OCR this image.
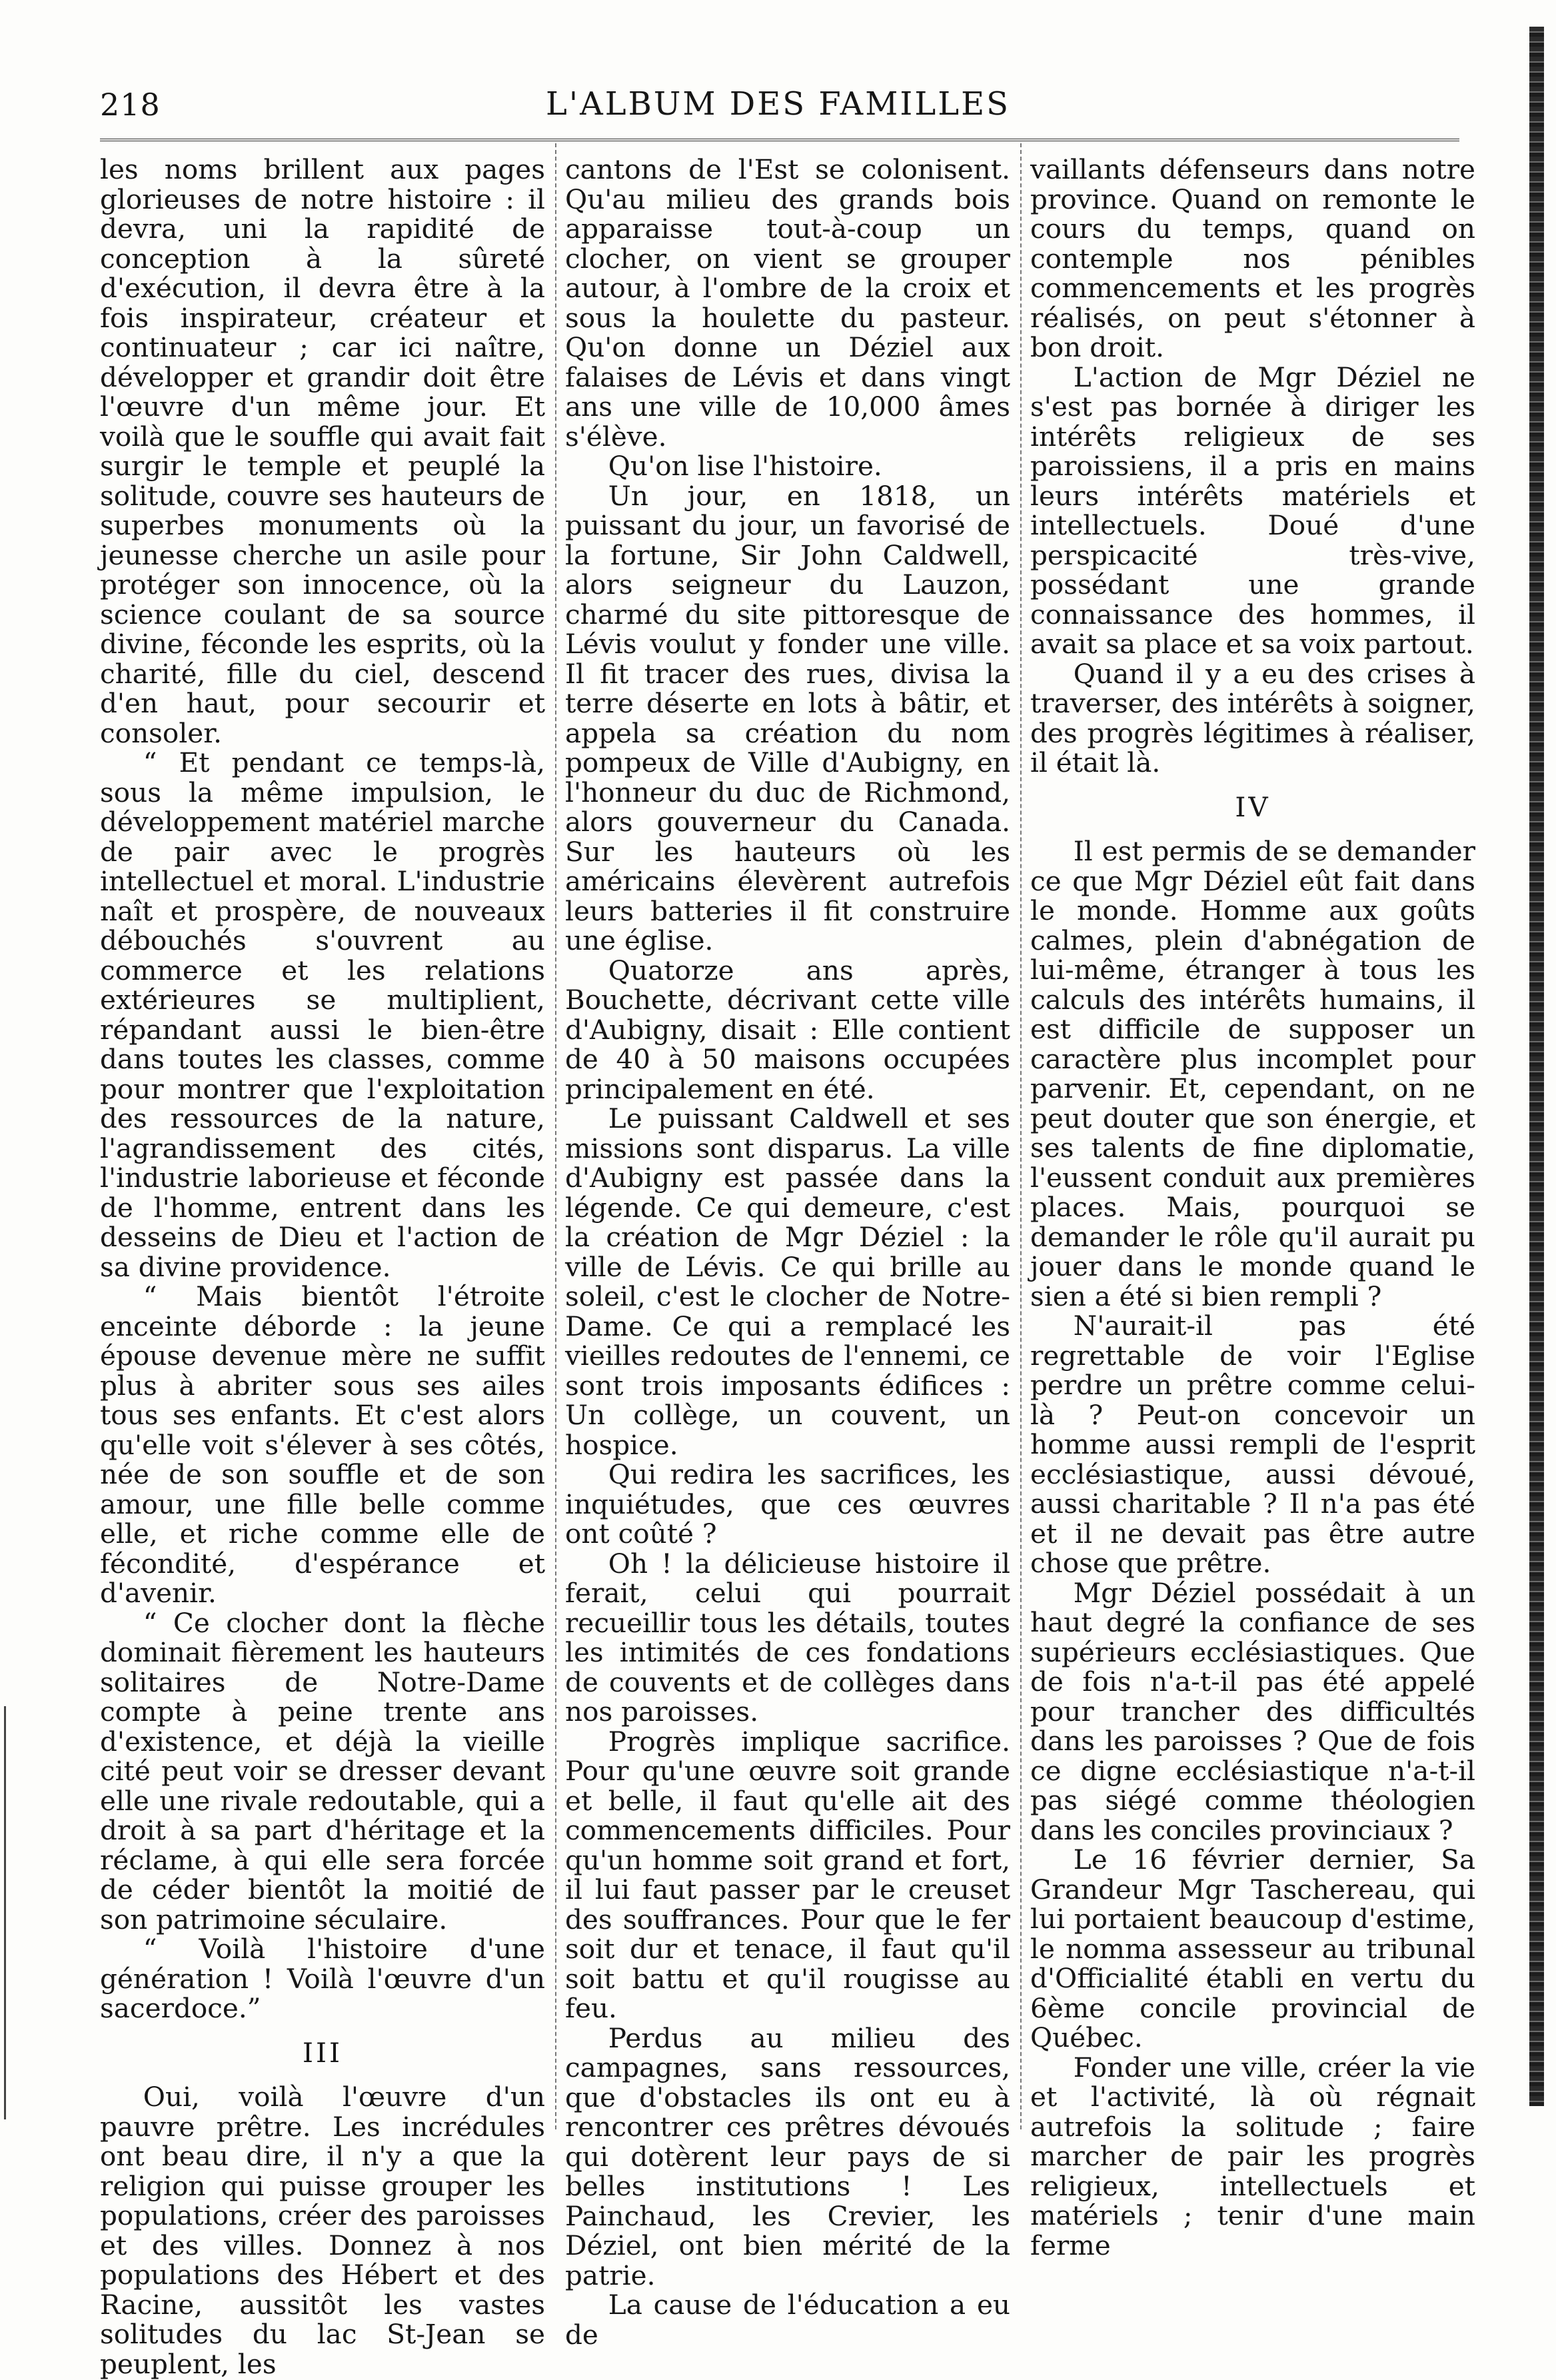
218	L'ALBUM DES FAMILLES

les noms brillent aux pages glorieuses de notre histoire : il devra, uni la rapidité de conception à la sûreté d'exécution, il devra être à la fois inspirateur, créateur et continuateur ; car ici naître, développer et grandir doit être l'œuvre d'un même jour. Et voilà que le souffle qui avait fait surgir le temple et peuplé la solitude, couvre ses hauteurs de superbes monuments où la jeunesse cherche un asile pour protéger son innocence, où la science coulant de sa source divine, féconde les esprits, où la charité, fille du ciel, descend d'en haut, pour secourir et consoler.

“ Et pendant ce temps-là, sous la même impulsion, le développement matériel marche de pair avec le progrès intellectuel et moral. L'industrie naît et prospère, de nouveaux débouchés s'ouvrent au commerce et les relations extérieures se multiplient, répandant aussi le bien-être dans toutes les classes, comme pour montrer que l'exploitation des ressources de la nature, l'agrandissement des cités, l'industrie laborieuse et féconde de l'homme, entrent dans les desseins de Dieu et l'action de sa divine providence.

“ Mais bientôt l'étroite enceinte déborde : la jeune épouse devenue mère ne suffit plus à abriter sous ses ailes tous ses enfants. Et c'est alors qu'elle voit s'élever à ses côtés, née de son souffle et de son amour, une fille belle comme elle, et riche comme elle de fécondité, d'espérance et d'avenir.

“ Ce clocher dont la flèche dominait fièrement les hauteurs solitaires de Notre-Dame compte à peine trente ans d'existence, et déjà la vieille cité peut voir se dresser devant elle une rivale redoutable, qui a droit à sa part d'héritage et la réclame, à qui elle sera forcée de céder bientôt la moitié de son patrimoine séculaire.

“ Voilà l'histoire d'une génération ! Voilà l'œuvre d'un sacerdoce.”

III

Oui, voilà l'œuvre d'un pauvre prêtre. Les incrédules ont beau dire, il n'y a que la religion qui puisse grouper les populations, créer des paroisses et des villes. Donnez à nos populations des Hébert et des Racine, aussitôt les vastes solitudes du lac St-Jean se peuplent, les

cantons de l'Est se colonisent. Qu'au milieu des grands bois apparaisse tout-à-coup un clocher, on vient se grouper autour, à l'ombre de la croix et sous la houlette du pasteur. Qu'on donne un Déziel aux falaises de Lévis et dans vingt ans une ville de 10,000 âmes s'élève.

Qu'on lise l'histoire.

Un jour, en 1818, un puissant du jour, un favorisé de la fortune, Sir John Caldwell, alors seigneur du Lauzon, charmé du site pittoresque de Lévis voulut y fonder une ville. Il fit tracer des rues, divisa la terre déserte en lots à bâtir, et appela sa création du nom pompeux de Ville d'Aubigny, en l'honneur du duc de Richmond, alors gouverneur du Canada. Sur les hauteurs où les américains élevèrent autrefois leurs batteries il fit construire une église.

Quatorze ans après, Bouchette, décrivant cette ville d'Aubigny, disait : Elle contient de 40 à 50 maisons occupées principalement en été.

Le puissant Caldwell et ses missions sont disparus. La ville d'Aubigny est passée dans la légende. Ce qui demeure, c'est la création de Mgr Déziel : la ville de Lévis. Ce qui brille au soleil, c'est le clocher de Notre-Dame. Ce qui a remplacé les vieilles redoutes de l'ennemi, ce sont trois imposants édifices : Un collège, un couvent, un hospice.

Qui redira les sacrifices, les inquiétudes, que ces œuvres ont coûté ?

Oh ! la délicieuse histoire il ferait, celui qui pourrait recueillir tous les détails, toutes les intimités de ces fondations de couvents et de collèges dans nos paroisses.

Progrès implique sacrifice. Pour qu'une œuvre soit grande et belle, il faut qu'elle ait des commencements difficiles. Pour qu'un homme soit grand et fort, il lui faut passer par le creuset des souffrances. Pour que le fer soit dur et tenace, il faut qu'il soit battu et qu'il rougisse au feu.

Perdus au milieu des campagnes, sans ressources, que d'obstacles ils ont eu à rencontrer ces prêtres dévoués qui dotèrent leur pays de si belles institutions ! Les Painchaud, les Crevier, les Déziel, ont bien mérité de la patrie.

La cause de l'éducation a eu de

vaillants défenseurs dans notre province. Quand on remonte le cours du temps, quand on contemple nos pénibles commencements et les progrès réalisés, on peut s'étonner à bon droit.

L'action de Mgr Déziel ne s'est pas bornée à diriger les intérêts religieux de ses paroissiens, il a pris en mains leurs intérêts matériels et intellectuels. Doué d'une perspicacité très-vive, possédant une grande connaissance des hommes, il avait sa place et sa voix partout.

Quand il y a eu des crises à traverser, des intérêts à soigner, des progrès légitimes à réaliser, il était là.

IV

Il est permis de se demander ce que Mgr Déziel eût fait dans le monde. Homme aux goûts calmes, plein d'abnégation de lui-même, étranger à tous les calculs des intérêts humains, il est difficile de supposer un caractère plus incomplet pour parvenir. Et, cependant, on ne peut douter que son énergie, et ses talents de fine diplomatie, l'eussent conduit aux premières places. Mais, pourquoi se demander le rôle qu'il aurait pu jouer dans le monde quand le sien a été si bien rempli ?

N'aurait-il pas été regrettable de voir l'Eglise perdre un prêtre comme celui-là ? Peut-on concevoir un homme aussi rempli de l'esprit ecclésiastique, aussi dévoué, aussi charitable ? Il n'a pas été et il ne devait pas être autre chose que prêtre.

Mgr Déziel possédait à un haut degré la confiance de ses supérieurs ecclésiastiques. Que de fois n'a-t-il pas été appelé pour trancher des difficultés dans les paroisses ? Que de fois ce digne ecclésiastique n'a-t-il pas siégé comme théologien dans les conciles provinciaux ?

Le 16 février dernier, Sa Grandeur Mgr Taschereau, qui lui portaient beaucoup d'estime, le nomma assesseur au tribunal d'Officialité établi en vertu du 6ème concile provincial de Québec.

Fonder une ville, créer la vie et l'activité, là où régnait autrefois la solitude ; faire marcher de pair les progrès religieux, intellectuels et matériels ; tenir d'une main ferme
